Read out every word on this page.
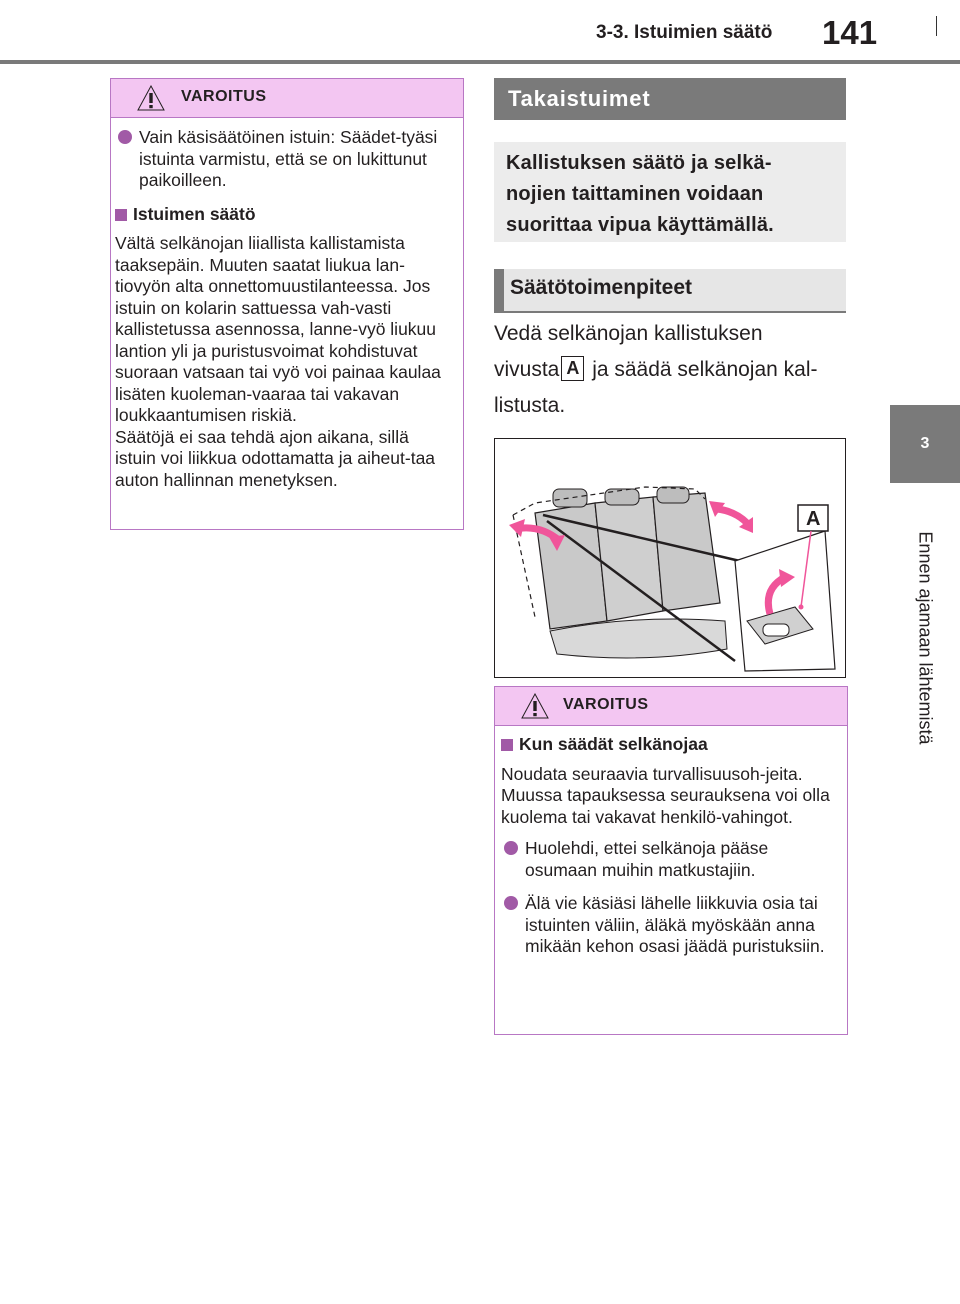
3-3. Istuimien säätö 141
3
Ennen ajamaan lähtemistä
VAROITUS
Vain käsisäätöinen istuin: Säädet-tyäsi istuinta varmistu, että se on lukittunut paikoilleen.
Istuimen säätö
Vältä selkänojan liiallista kallistamista taaksepäin. Muuten saatat liukua lan-tiovyön alta onnettomuustilanteessa. Jos istuin on kolarin sattuessa vah-vasti kallistetussa asennossa, lanne-vyö liukuu lantion yli ja puristusvoimat kohdistuvat suoraan vatsaan tai vyö voi painaa kaulaa lisäten kuoleman-vaaraa tai vakavan loukkaantumisen riskiä.
Säätöjä ei saa tehdä ajon aikana, sillä istuin voi liikkua odottamatta ja aiheut-taa auton hallinnan menetyksen.
Takaistuimet
Kallistuksen säätö ja selkä-
nojien taittaminen voidaan
suorittaa vipua käyttämällä.
Säätötoimenpiteet
Vedä selkänojan kallistuksen
vivusta A ja säädä selkänojan kal-
listusta.
A
VAROITUS
Kun säädät selkänojaa
Noudata seuraavia turvallisuusoh-jeita.
Muussa tapauksessa seurauksena voi olla kuolema tai vakavat henkilö-vahingot.
Huolehdi, ettei selkänoja pääse osumaan muihin matkustajiin.
Älä vie käsiäsi lähelle liikkuvia osia tai istuinten väliin, äläkä myöskään anna mikään kehon osasi jäädä puristuksiin.
